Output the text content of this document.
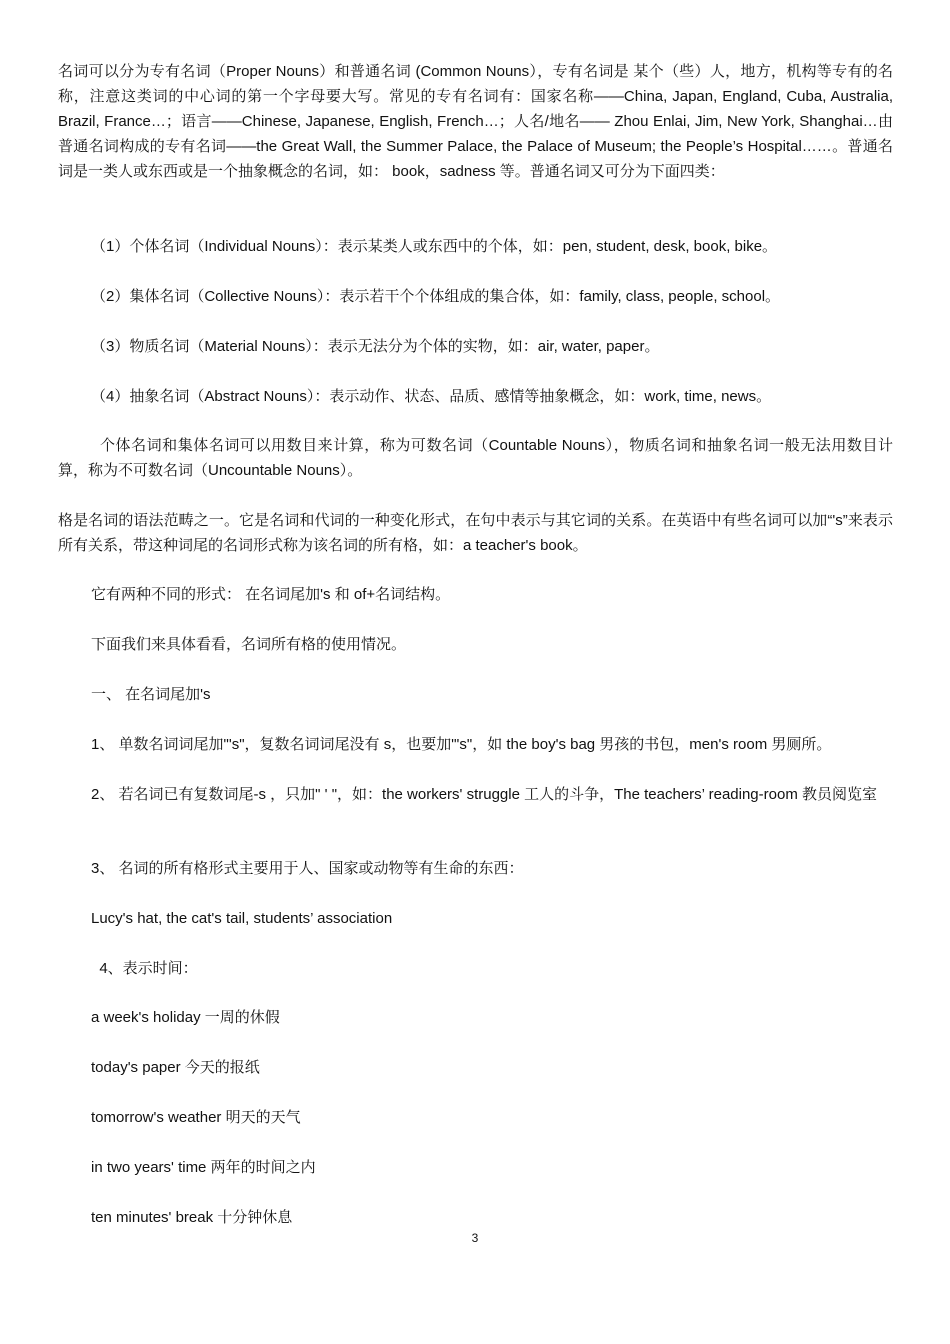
名词可以分为专有名词（Proper Nouns）和普通名词 (Common Nouns），专有名词是 某个（些）人，地方，机构等专有的名称，注意这类词的中心词的第一个字母要大写。常见的专有名词有：国家名称——China, Japan, England, Cuba, Australia, Brazil, France…；语言——Chinese, Japanese, English, French…；人名/地名—— Zhou Enlai, Jim, New York, Shanghai…由普通名词构成的专有名词——the Great Wall, the Summer Palace, the Palace of Museum; the People’s Hospital……。普通名词是一类人或东西或是一个抽象概念的名词，如： book，sadness 等。普通名词又可分为下面四类：

（1）个体名词（Individual Nouns）：表示某类人或东西中的个体，如：pen, student, desk, book, bike。

（2）集体名词（Collective Nouns）：表示若干个个体组成的集合体，如：family, class, people, school。

（3）物质名词（Material Nouns）：表示无法分为个体的实物，如：air, water, paper。

（4）抽象名词（Abstract Nouns）：表示动作、状态、品质、感情等抽象概念，如：work, time, news。

个体名词和集体名词可以用数目来计算，称为可数名词（Countable Nouns），物质名词和抽象名词一般无法用数目计算，称为不可数名词（Uncountable Nouns）。

格是名词的语法范畴之一。它是名词和代词的一种变化形式，在句中表示与其它词的关系。在英语中有些名词可以加“'s”来表示所有关系，带这种词尾的名词形式称为该名词的所有格，如：a teacher's book。

它有两种不同的形式： 在名词尾加's 和 of+名词结构。

下面我们来具体看看，名词所有格的使用情况。

一、 在名词尾加's

1、 单数名词词尾加"'s"，复数名词词尾没有 s，也要加"'s"，如 the boy's bag 男孩的书包，men's room 男厕所。

2、 若名词已有复数词尾-s ，只加" ' "，如：the workers' struggle 工人的斗争，The teachers’ reading-room 教员阅览室

3、 名词的所有格形式主要用于人、国家或动物等有生命的东西：

Lucy's hat, the cat's tail, students’ association

4、表示时间：

a week's holiday 一周的休假

today's paper 今天的报纸

tomorrow's weather 明天的天气

in two years' time 两年的时间之内

ten minutes' break 十分钟休息

3
